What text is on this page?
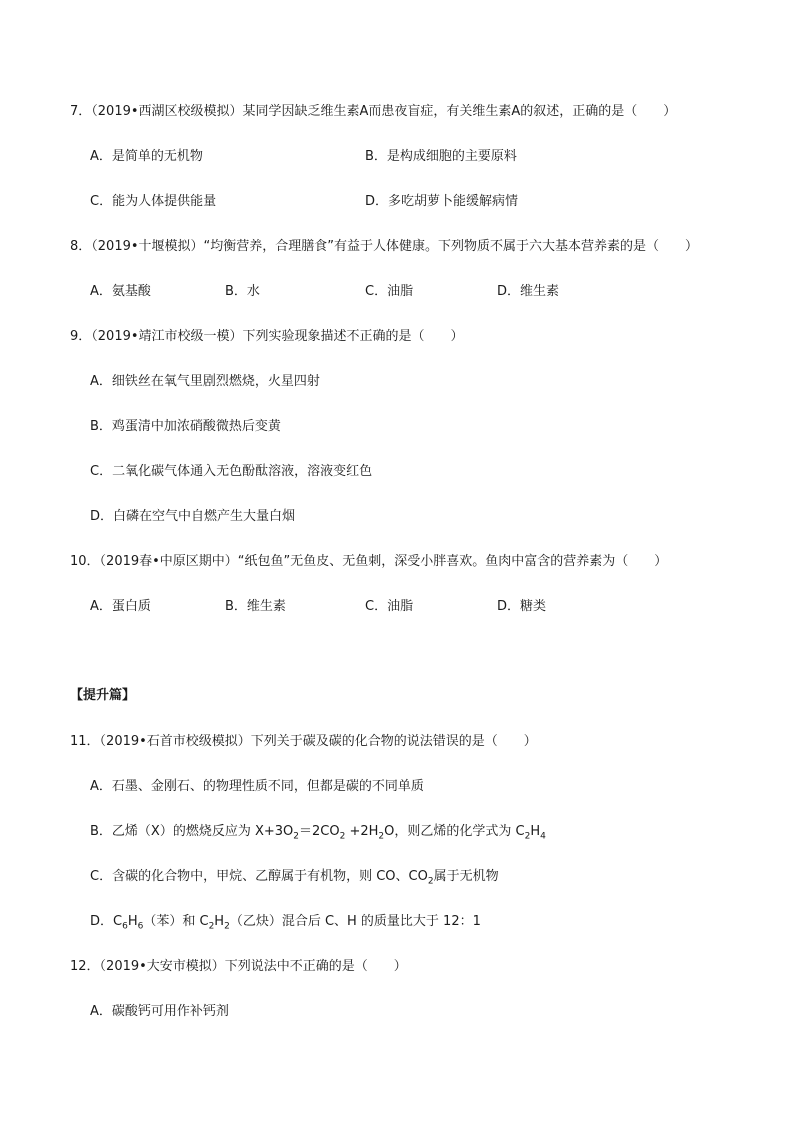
7．（2019•西湖区校级模拟）某同学因缺乏维生素A而患夜盲症，有关维生素A的叙述，正确的是（　　）
A．是简单的无机物	B．是构成细胞的主要原料
C．能为人体提供能量	D．多吃胡萝卜能缓解病情
8．（2019•十堰模拟）“均衡营养，合理膳食”有益于人体健康。下列物质不属于六大基本营养素的是（　　）
A．氨基酸	B．水	C．油脂	D．维生素
9．（2019•靖江市校级一模）下列实验现象描述不正确的是（　　）
A．细铁丝在氧气里剧烈燃烧，火星四射
B．鸡蛋清中加浓硝酸微热后变黄
C．二氧化碳气体通入无色酚酞溶液，溶液变红色
D．白磷在空气中自燃产生大量白烟
10．（2019春•中原区期中）“纸包鱼”无鱼皮、无鱼刺，深受小胖喜欢。鱼肉中富含的营养素为（　　）
A．蛋白质	B．维生素	C．油脂	D．糖类
【提升篇】
11．（2019•石首市校级模拟）下列关于碳及碳的化合物的说法错误的是（　　）
A．石墨、金刚石、的物理性质不同，但都是碳的不同单质
B．乙烯（X）的燃烧反应为 $X+3O_2=2CO_2 +2H_2O$，则乙烯的化学式为 $C_2H_4$
C．含碳的化合物中，甲烷、乙醇属于有机物，则 CO、$CO_2$属于无机物
D．$C_6H_6$（苯）和 $C_2H_2$（乙炔）混合后 C、H 的质量比大于 12：1
12．（2019•大安市模拟）下列说法中不正确的是（　　）
A．碳酸钙可用作补钙剂
